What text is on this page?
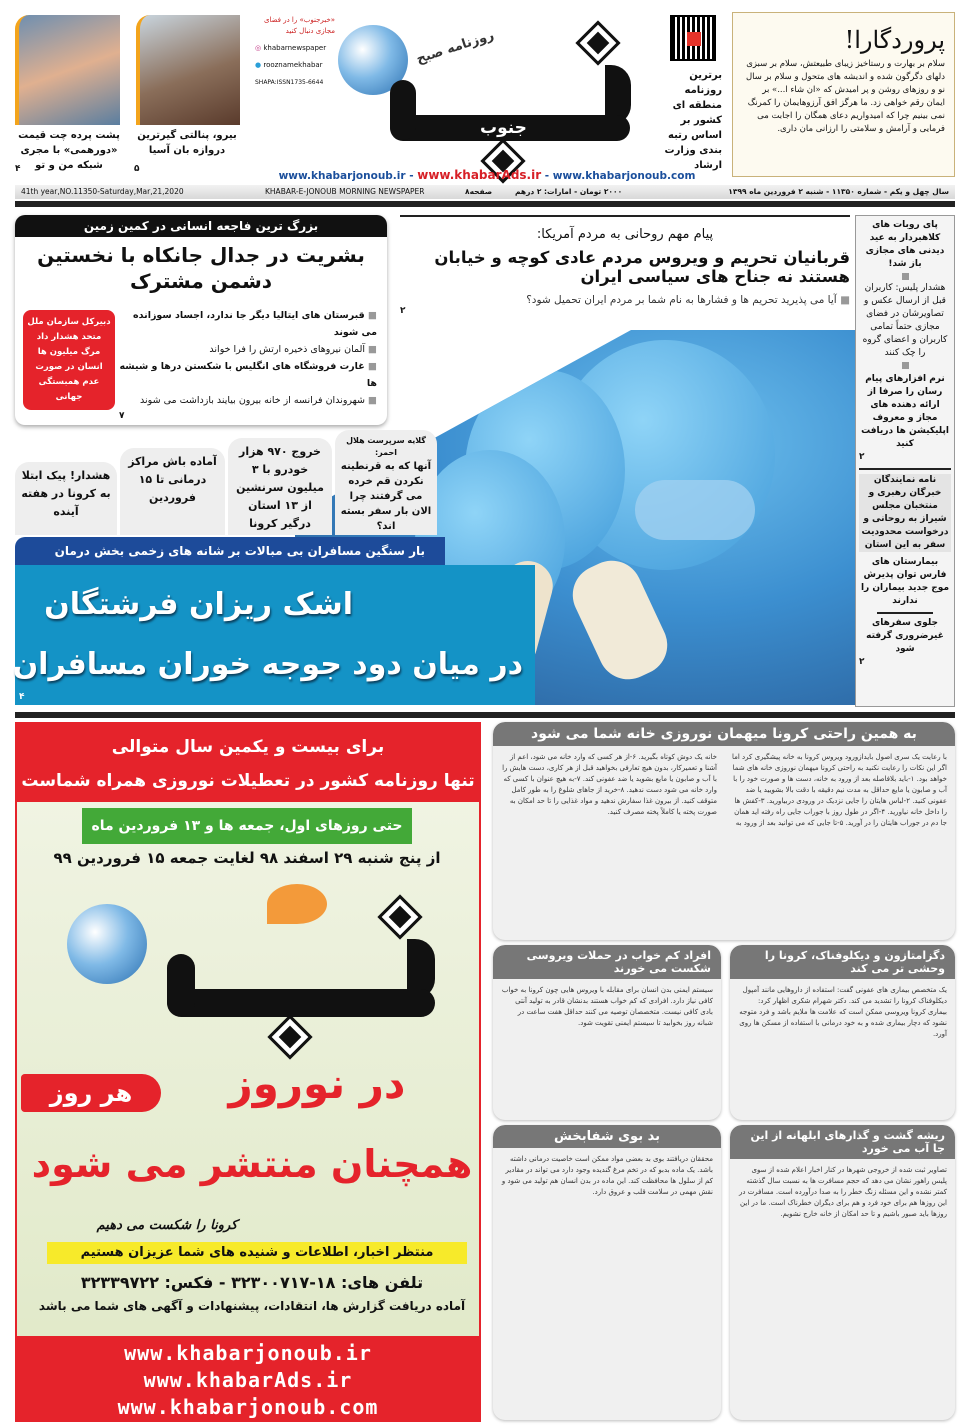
پروردگارا!

سلام بر بهارت و رستاخیز زیبای طبیعتش، سلام بر سبزی دلهای دگرگون شده و اندیشه های متحول و سلام بر سال نو و روزهای روشن و پر امیدش که «ان شاء ا...» بر ایمان رقم خواهی زد. ما هرگز افق آرزوهایمان را کمرنگ نمی بینیم چرا که امیدواریم دعای همگان را اجابت می فرمایی و آرامش و سلامتی را ارزانی مان داری.

برترین روزنامه منطقه ای کشور بر اساس رتبه بندی وزارت ارشاد
روزنامه صبح
جنوب
«خبرجنوب» را در فضای مجازی دنبال کنید
◎ khabarnewspaper
● rooznamekhabar
SHAPA:ISSN1735-6644
بیرو، پنالتی گیرترین دروازه بان آسیا
۵
پشت پرده چت قیمت «دورهمی» با مجری شبکه من و تو
۴
www.khabarjonoub.ir - www.khabarAds.ir - www.khabarjonoub.com
41th year,NO.11350-Saturday,Mar,21,2020	KHABAR-E-JONOUB MORNING NEWSPAPER	۸صفحه	۲۰۰۰ تومان - امارات: ۲ درهم	سال چهل و یکم - شماره ۱۱۳۵۰ - شنبه ۲ فروردین ماه ۱۳۹۹
پای روبات های کلاهبردار به عید دیدنی های مجازی باز شد!
هشدار پلیس: کاربران قبل از ارسال عکس و تصاویرشان در فضای مجازی حتماً تمامی کاربران و اعضای گروه را چک کنند
نرم افزارهای پیام رسان را صرفا از ارائه دهنده های مجاز و معروف اپلیکیشن ها دریافت کنید
۲
نامه نمایندگان خبرگان رهبری و منتخبان مجلس شیراز به روحانی و درخواست محدودیت سفر به این استان
بیمارستان های فارس توان پذیرش موج جدید بیماران را ندارند
جلوی سفرهای غیرضروری گرفته شود
۲
پیام مهم روحانی به مردم آمریکا:
قربانیان تحریم و ویروس مردم عادی کوچه و خیابان هستند نه جناح های سیاسی ایران
■ آیا می پذیرید تحریم ها و فشارها به نام شما بر مردم ایران تحمیل شود؟
۲
بزرگ ترین فاجعه انسانی در کمین زمین
بشریت در جدال جانکاه با نخستین دشمن مشترک
■ قبرستان های ایتالیا دیگر جا ندارد، اجساد سوزانده می شوند
■ آلمان نیروهای ذخیره ارتش را فرا خواند
■ غارت فروشگاه های انگلیس با شکستن درها و شیشه ها
■ شهروندان فرانسه از خانه بیرون بیایند بازداشت می شوند
دبیرکل سازمان ملل متحد هشدار داد مرگ میلیون ها انسان در صورت عدم همبستگی جهانی
۷
گلایه سرپرست هلال احمر:
آنها که به قرنطینه نکردن قم خرده می گرفتند چرا الان بار سفر بسته اند؟
خروج ۹۷۰ هزار خودرو با ۳ میلیون سرنشین از ۱۳ استان درگیر کرونا
آماده باش مراکز درمانی تا ۱۵ فروردین
هشدار! پیک ابتلا به کرونا در هفته آینده
بار سنگین مسافران بی مبالات بر شانه های زخمی بخش درمان
اشک ریزان فرشتگان
در میان دود جوجه خوران مسافران
۴
برای بیست و یکمین سال متوالی
تنها روزنامه کشور در تعطیلات نوروزی همراه شماست
حتی روزهای اول، جمعه ها و ۱۳ فروردین ماه
از پنج شنبه ۲۹ اسفند ۹۸ لغایت جمعه ۱۵ فروردین ۹۹
در نوروز
هر روز
همچنان منتشر می شود
کرونا را شکست می دهیم
منتظر اخبار، اطلاعات و شنیده های شما عزیزان هستیم
تلفن های: ۱۸-۳۲۳۰۰۷۱۷ - فکس: ۳۲۳۳۹۷۲۲
آماده دریافت گزارش ها، انتقادات، پیشنهادات و آگهی های شما می باشد
www.khabarjonoub.ir
www.khabarAds.ir
www.khabarjonoub.com
به همین راحتی کرونا میهمان نوروزی خانه شما می شود
با رعایت یک سری اصول بایدازورود ویروس کرونا به خانه پیشگیری کرد اما اگر این نکات را رعایت نکنید به راحتی کرونا میهمان نوروزی خانه های شما خواهد بود. ۱-باید بلافاصله بعد از ورود به خانه، دست ها و صورت خود را با آب و صابون یا مایع حداقل به مدت نیم دقیقه با دقت بالا بشویید یا ضد عفونی کنید. ۲-لباس هایتان را جایی نزدیک در ورودی دربیاورید. ۳-کفش ها را داخل خانه نیاورید. ۴-اگر در طول روز با جوراب جایی راه رفته اید همان جا دم در جوراب هایتان را در آورید. ۵-تا جایی که می توانید بعد از ورود به خانه یک دوش کوتاه بگیرید. ۶-از هر کسی که وارد خانه می شود، اعم از آشنا و تعمیرکار، بدون هیچ تعارفی بخواهید قبل از هر کاری، دست هایش را با آب و صابون یا مایع بشوید یا ضد عفونی کند. ۷-به هیچ عنوان با کسی که وارد خانه می شود دست ندهید. ۸-خرید از جاهای شلوغ را به طور کامل متوقف کنید. از بیرون غذا سفارش ندهید و مواد غذایی را تا حد امکان به صورت پخته یا کاملاً پخته مصرف کنید.
دگزامتازون و دیکلوفناک، کرونا را وحشی تر می کند
یک متخصص بیماری های عفونی گفت: استفاده از داروهایی مانند آمپول دیکلوفناک کرونا را تشدید می کند. دکتر شهرام شکری اظهار کرد: بیماری کرونا ویروسی ممکن است که علامت ها ملایم باشد و فرد متوجه نشود که دچار بیماری شده و به خود درمانی با استفاده از مسکن ها روی آورد.
افراد کم خواب در حملات ویروسی شکست می خورند
سیستم ایمنی بدن انسان برای مقابله با ویروس هایی چون کرونا به خواب کافی نیاز دارد. افرادی که کم خواب هستند بدنشان قادر به تولید آنتی بادی کافی نیست. متخصصان توصیه می کنند حداقل هفت ساعت در شبانه روز بخوابید تا سیستم ایمنی تقویت شود.
ریشه گشت و گذارهای ابلهانه از این جا آب می خورد
تصاویر ثبت شده از خروجی شهرها در کنار اخبار اعلام شده از سوی پلیس راهور نشان می دهد که حجم مسافرت ها به نسبت سال گذشته کمتر نشده و این مسئله زنگ خطر را به صدا درآورده است. مسافرت در این روزها هم برای خود فرد و هم برای دیگران خطرناک است. ما در این روزها باید صبور باشیم و تا حد امکان از خانه خارج نشویم.
بد بوی شفابخش
محققان دریافتند بوی بد بعضی مواد ممکن است خاصیت درمانی داشته باشد. یک ماده بدبو که در تخم مرغ گندیده وجود دارد می تواند در مقادیر کم از سلول ها محافظت کند. این ماده در بدن انسان هم تولید می شود و نقش مهمی در سلامت قلب و عروق دارد.
